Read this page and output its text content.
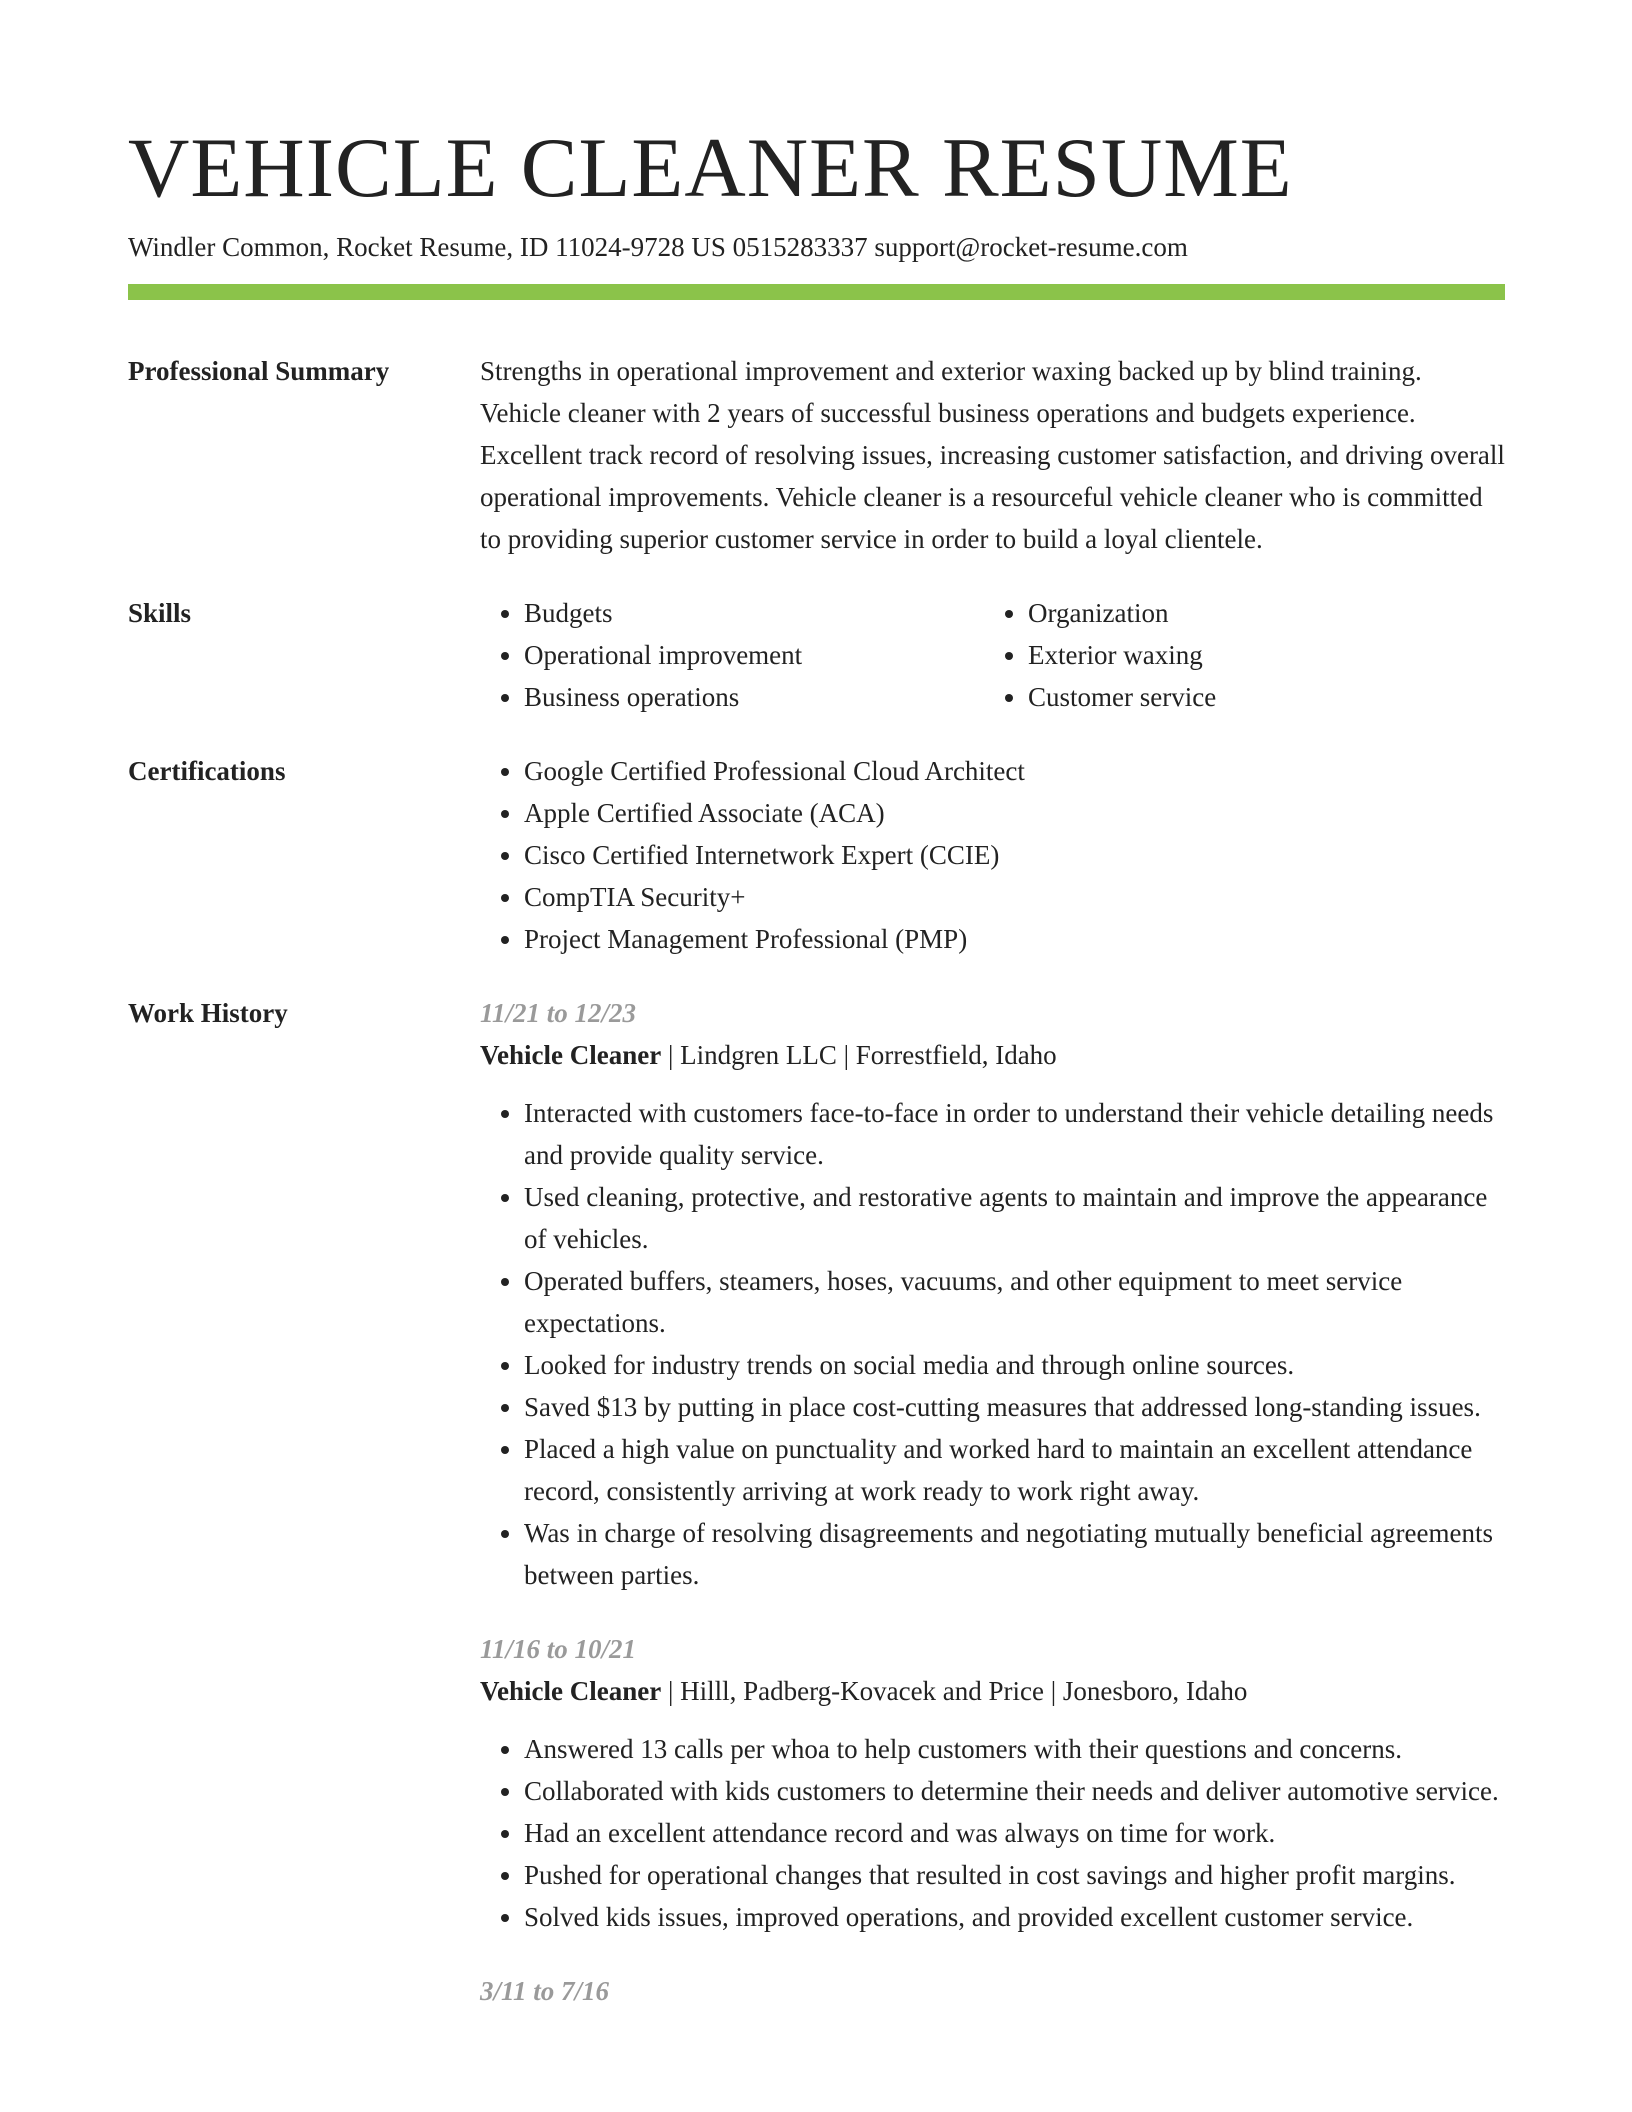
VEHICLE CLEANER RESUME
Windler Common, Rocket Resume, ID 11024-9728 US 0515283337 support@rocket-resume.com
Professional Summary	Strengths in operational improvement and exterior waxing backed up by blind training. Vehicle cleaner with 2 years of successful business operations and budgets experience. Excellent track record of resolving issues, increasing customer satisfaction, and driving overall operational improvements. Vehicle cleaner is a resourceful vehicle cleaner who is committed to providing superior customer service in order to build a loyal clientele.
Skills	• Budgets
• Operational improvement
• Business operations
• Organization
• Exterior waxing
• Customer service
Certifications	• Google Certified Professional Cloud Architect
• Apple Certified Associate (ACA)
• Cisco Certified Internetwork Expert (CCIE)
• CompTIA Security+
• Project Management Professional (PMP)
Work History	11/21 to 12/23
Vehicle Cleaner | Lindgren LLC | Forrestfield, Idaho
• Interacted with customers face-to-face in order to understand their vehicle detailing needs and provide quality service.
• Used cleaning, protective, and restorative agents to maintain and improve the appearance of vehicles.
• Operated buffers, steamers, hoses, vacuums, and other equipment to meet service expectations.
• Looked for industry trends on social media and through online sources.
• Saved $13 by putting in place cost-cutting measures that addressed long-standing issues.
• Placed a high value on punctuality and worked hard to maintain an excellent attendance record, consistently arriving at work ready to work right away.
• Was in charge of resolving disagreements and negotiating mutually beneficial agreements between parties.
11/16 to 10/21
Vehicle Cleaner | Hilll, Padberg-Kovacek and Price | Jonesboro, Idaho
• Answered 13 calls per whoa to help customers with their questions and concerns.
• Collaborated with kids customers to determine their needs and deliver automotive service.
• Had an excellent attendance record and was always on time for work.
• Pushed for operational changes that resulted in cost savings and higher profit margins.
• Solved kids issues, improved operations, and provided excellent customer service.
3/11 to 7/16
